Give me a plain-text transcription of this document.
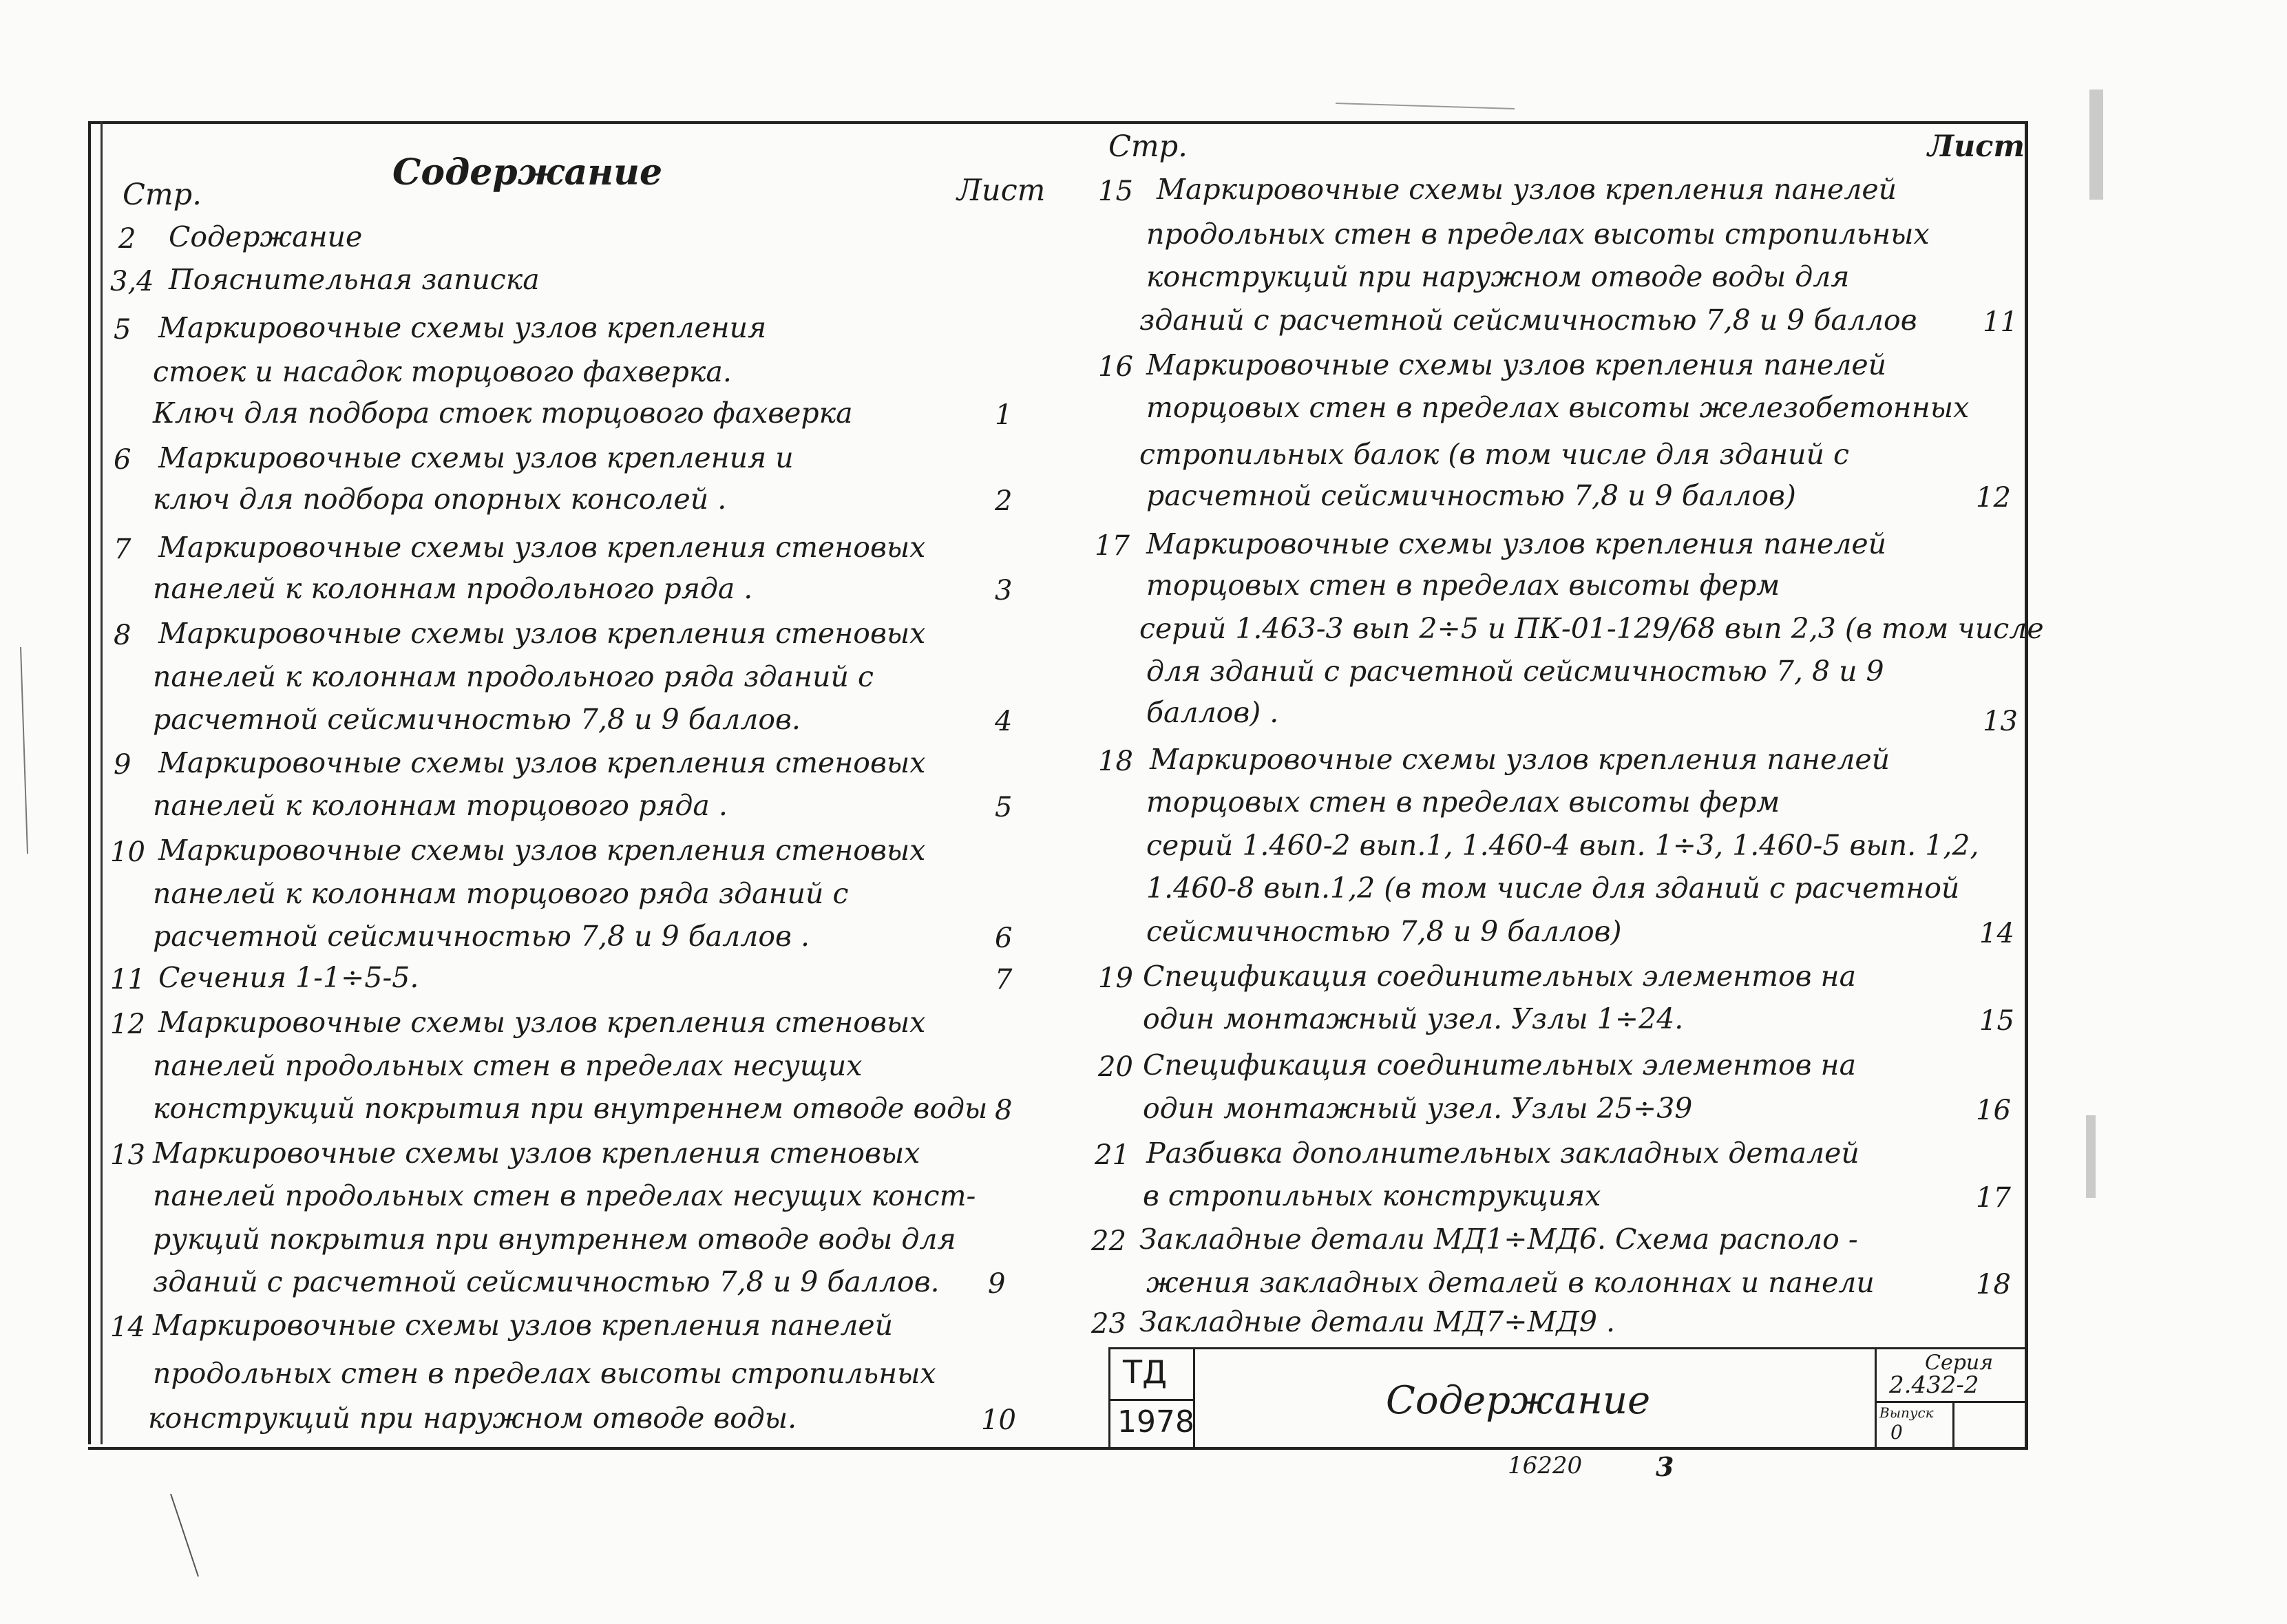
Содержание
Стр.	Лист
Стр.	Лист
2 Содержание
3,4 Пояснительная записка
5 Маркировочные схемы узлов крепления
стоек и насадок торцового фахверка.
Ключ для подбора стоек торцового фахверка	1
6 Маркировочные схемы узлов крепления и
ключ для подбора опорных консолей .	2
7 Маркировочные схемы узлов крепления стеновых
панелей к колоннам продольного ряда .	3
8 Маркировочные схемы узлов крепления стеновых
панелей к колоннам продольного ряда зданий с
расчетной сейсмичностью 7,8 и 9 баллов.	4
9 Маркировочные схемы узлов крепления стеновых
панелей к колоннам торцового ряда .	5
10 Маркировочные схемы узлов крепления стеновых
панелей к колоннам торцового ряда зданий с
расчетной сейсмичностью 7,8 и 9 баллов .	6
11 Сечения 1-1÷5-5.	7
12 Маркировочные схемы узлов крепления стеновых
панелей продольных стен в пределах несущих
конструкций покрытия при внутреннем отводе воды 8
13 Маркировочные схемы узлов крепления стеновых
панелей продольных стен в пределах несущих конст-
рукций покрытия при внутреннем отводе воды для
зданий с расчетной сейсмичностью 7,8 и 9 баллов. 9
14 Маркировочные схемы узлов крепления панелей
продольных стен в пределах высоты стропильных
конструкций при наружном отводе воды.	10
15 Маркировочные схемы узлов крепления панелей
продольных стен в пределах высоты стропильных
конструкций при наружном отводе воды для
зданий с расчетной сейсмичностью 7,8 и 9 баллов 11
16 Маркировочные схемы узлов крепления панелей
торцовых стен в пределах высоты железобетонных
стропильных балок (в том числе для зданий с
расчетной сейсмичностью 7,8 и 9 баллов)	12
17 Маркировочные схемы узлов крепления панелей
торцовых стен в пределах высоты ферм
серий 1.463-3 вып 2÷5 и ПК-01-129/68 вып 2,3 (в том числе
для зданий с расчетной сейсмичностью 7, 8 и 9
баллов) .	13
18 Маркировочные схемы узлов крепления панелей
торцовых стен в пределах высоты ферм
серий 1.460-2 вып.1, 1.460-4 вып. 1÷3, 1.460-5 вып. 1,2,
1.460-8 вып.1,2 (в том числе для зданий с расчетной
сейсмичностью 7,8 и 9 баллов)	14
19 Спецификация соединительных элементов на
один монтажный узел. Узлы 1÷24.	15
20 Спецификация соединительных элементов на
один монтажный узел. Узлы 25÷39	16
21 Разбивка дополнительных закладных деталей
в стропильных конструкциях	17
22 Закладные детали МД1÷МД6. Схема располо -
жения закладных деталей в колоннах и панели	18
23 Закладные детали МД7÷МД9 .
ТД
1978	Содержание
Серия
2.432-2
Выпуск
0
16220	3
